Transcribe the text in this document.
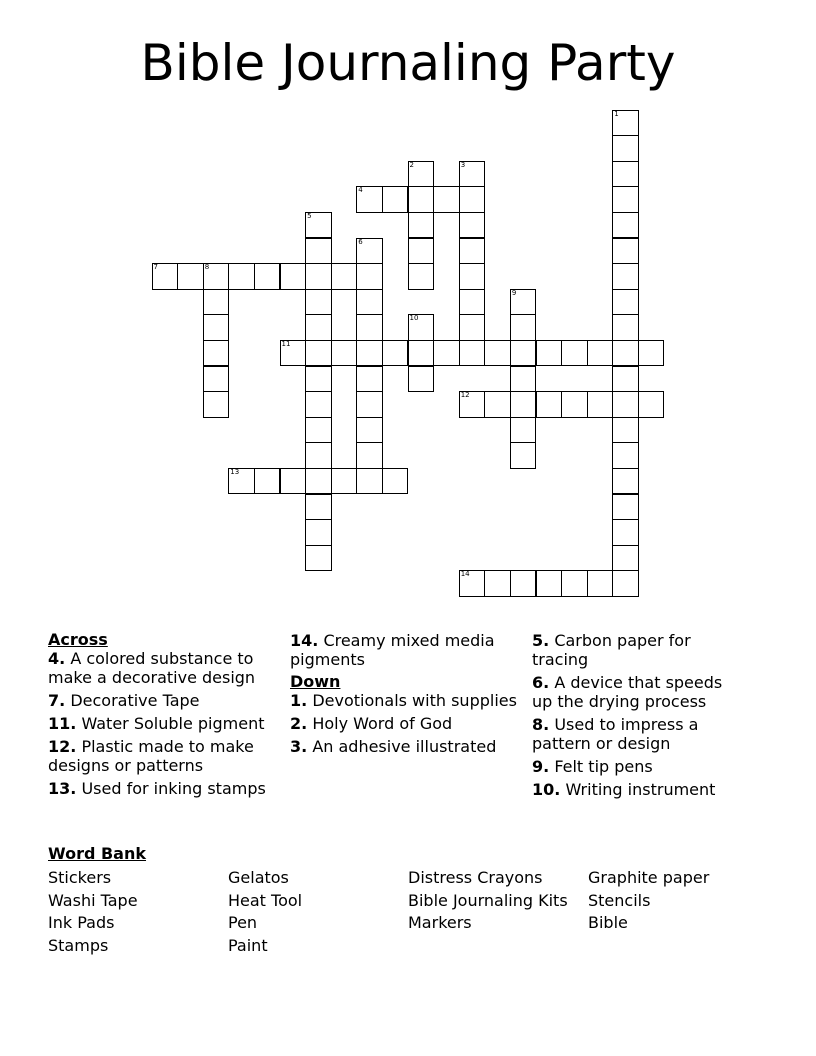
Bible Journaling Party
1
2	3
4
5
6
7	8
9
10
11
12
13
14
Across
4. A colored substance to make a decorative design
7. Decorative Tape
11. Water Soluble pigment
12. Plastic made to make designs or patterns
13. Used for inking stamps
14. Creamy mixed media pigments
Down
1. Devotionals with supplies
2. Holy Word of God
3. An adhesive illustrated
5. Carbon paper for tracing
6. A device that speeds up the drying process
8. Used to impress a pattern or design
9. Felt tip pens
10. Writing instrument
Word Bank
Stickers
Washi Tape
Ink Pads
Stamps
Gelatos
Heat Tool
Pen
Paint
Distress Crayons
Bible Journaling Kits
Markers
Graphite paper
Stencils
Bible
